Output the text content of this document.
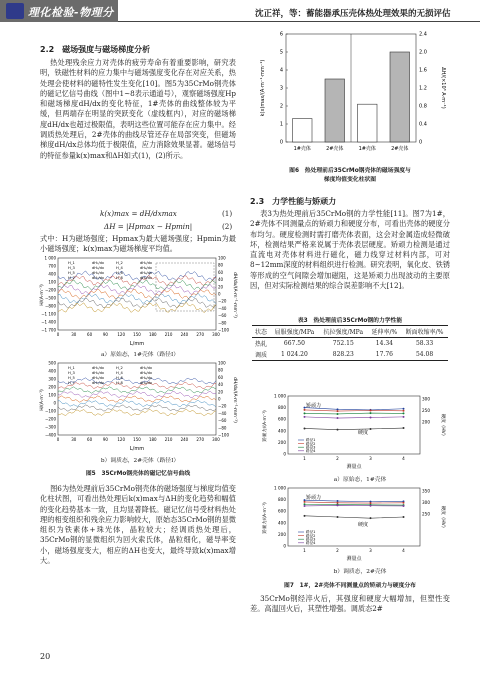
理化检验-物理分册
沈正祥，等：蓄能器承压壳体热处理效果的无损评估
2.2　磁场强度与磁场梯度分析

热处理残余应力对壳体的疲劳寿命有着重要影响，研究表明，铁磁性材料的应力集中与磁场强度变化存在对应关系，热处理会使材料的磁特性发生变化[10]。图5为35CrMo钢壳体的磁记忆信号曲线（图中1~8表示通道号），观察磁场强度Hp和磁场梯度dH/dx的变化特征，1#壳体的曲线整体较为平缓，但两端存在明显的突跃变化（虚线框内），对应的磁场梯度dH/dx也超过极限值，表明这些位置可能存在应力集中。经调质热处理后，2#壳体的曲线尽管还存在局部突变，但磁场梯度dH/dx总体均低于极限值，应力消除效果显著。磁场信号的特征参量k(x)max和ΔH如式(1)，(2)所示。

k(x)max = dH/dxmax	(1)
ΔH = |Hpmax − Hpmin|	(2)

式中：H为磁场强度；Hpmax为最大磁场强度；Hpmin为最小磁场强度；k(x)max为磁场梯度平均值。

1 000
700
400
100
−200
−500
−800
−1 100
−1 400
−1 700
100
80
60
40
20
0
−20
−40
−60
−80
−100
0	30	60	90 120 150 180 210 240 270 300
H_1	dH₁/dx	H_2	dH₂/dx
H_3	dH₃/dx	H_4	dH₄/dx
H_5	dH₅/dx	H_6	dH₆/dx
H_7	dH₇/dx	H_8	dH₈/dx
L/mm
H/(A·m⁻¹)	dH/dx/(A·m⁻¹·mm⁻¹)
a）原始态，1#壳体（路径Ⅰ）
500
400
300
200
100
0
−100
−200
−300
−400
100
80
60
40
20
0
−20
−40
−60
−80
−100
0	30	60	90 120 150 180 210 240 270 300
H_1	dH₁/dx	H_2	dH₂/dx
H_3	dH₃/dx	H_4	dH₄/dx
H_5	dH₅/dx	H_6	dH₆/dx
H_7	dH₇/dx	H_8	dH₈/dx
L/mm
H/(A·m⁻¹)	dH/dx/(A·m⁻¹·mm⁻¹)
b）调质态，2#壳体（路径Ⅰ）
图5　35CrMo钢壳体的磁记忆信号曲线

图6为热处理前后35CrMo钢壳体的磁场强度与梯度均值变化柱状图，可看出热处理后k(x)max与ΔH的变化趋势和幅值的变化趋势基本一致，且均显著降低。磁记忆信号受材料热处理的相变组织和残余应力影响较大，原始态35CrMo钢的显微组织为铁素体+珠光体，晶粒较大；经调质热处理后，35CrMo钢的显微组织为回火索氏体，晶粒细化，磁导率变小，磁场强度变大，相应的ΔH也变大，最终导致k(x)max增大。

20
0
1
2
3
4
5
6
0
0.4
0.8
1.2
1.6
2.0
2.4
1#壳体	2#壳体	1#壳体	2#壳体
k(x)max/(A·m⁻¹·mm⁻¹)	ΔH/(×10³ A·m⁻¹)
图6　热处理前后35CrMo钢壳体的磁场强度与
梯度均值变化柱状图
2.3　力学性能与矫顽力

表3为热处理前后35CrMo钢的力学性能[11]。图7为1#，2#壳体不同测量点的矫顽力和硬度分布，可看出壳体的硬度分布均匀。硬度检测时需打磨壳体表面，这会对金属造成轻微破坏，检测结果严格来说属于壳体表层硬度。矫顽力检测是通过直流电对壳体材料进行磁化，磁力线穿过材料内部，可对8~12mm深度的材料组织进行检测。研究表明，氧化皮、铁锈等形成的空气间隙会增加磁阻，这是矫顽力出现波动的主要原因，但对实际检测结果的综合误差影响不大[12]。

表3　热处理前后35CrMo钢的力学性能
状态	屈服强度/MPa	抗拉强度/MPa	延伸率/%	断面收缩率/%
热轧	667.50	752.15	14.34	58.33
调质	1 024.20	828.23	17.76	54.08
0
200
400
600
800
1 000
200
250
300
1	2	3	4
路径1
路径2
路径3
路径4
矫顽力
硬度
测量点
矫顽力/(A·m⁻¹)	硬度（HV）
a）原始态，1#壳体
0
200
400
600
800
1 000
250
300
350
1	2	3	4
路径1
路径2
路径3
路径4
矫顽力
硬度
测量点
矫顽力/(A·m⁻¹)	硬度（HV）
b）调质态，2#壳体
图7　1#，2#壳体不同测量点的矫顽力与硬度分布

35CrMo钢经淬火后，其强度和硬度大幅增加，但塑性变差。高温回火后，其塑性增强。调质态2#
